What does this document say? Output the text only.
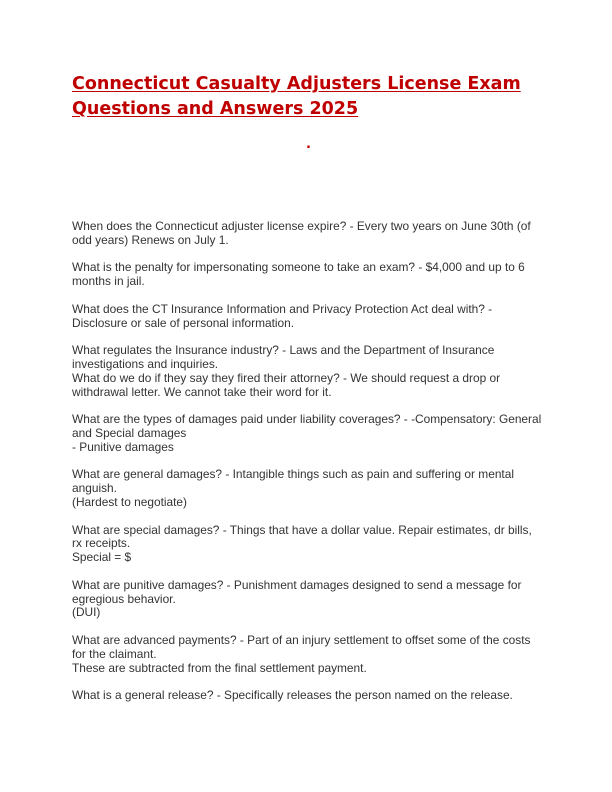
Connecticut Casualty Adjusters License Exam Questions and Answers 2025
.

When does the Connecticut adjuster license expire? - Every two years on June 30th (of odd years) Renews on July 1.

What is the penalty for impersonating someone to take an exam? - $4,000 and up to 6 months in jail.

What does the CT Insurance Information and Privacy Protection Act deal with? - Disclosure or sale of personal information.

What regulates the Insurance industry? - Laws and the Department of Insurance investigations and inquiries.

What do we do if they say they fired their attorney? - We should request a drop or withdrawal letter. We cannot take their word for it.

What are the types of damages paid under liability coverages? - -Compensatory: General and Special damages
- Punitive damages

What are general damages? - Intangible things such as pain and suffering or mental anguish.
(Hardest to negotiate)

What are special damages? - Things that have a dollar value. Repair estimates, dr bills, rx receipts.
Special = $

What are punitive damages? - Punishment damages designed to send a message for egregious behavior.
(DUI)

What are advanced payments? - Part of an injury settlement to offset some of the costs for the claimant.
These are subtracted from the final settlement payment.

What is a general release? - Specifically releases the person named on the release.
